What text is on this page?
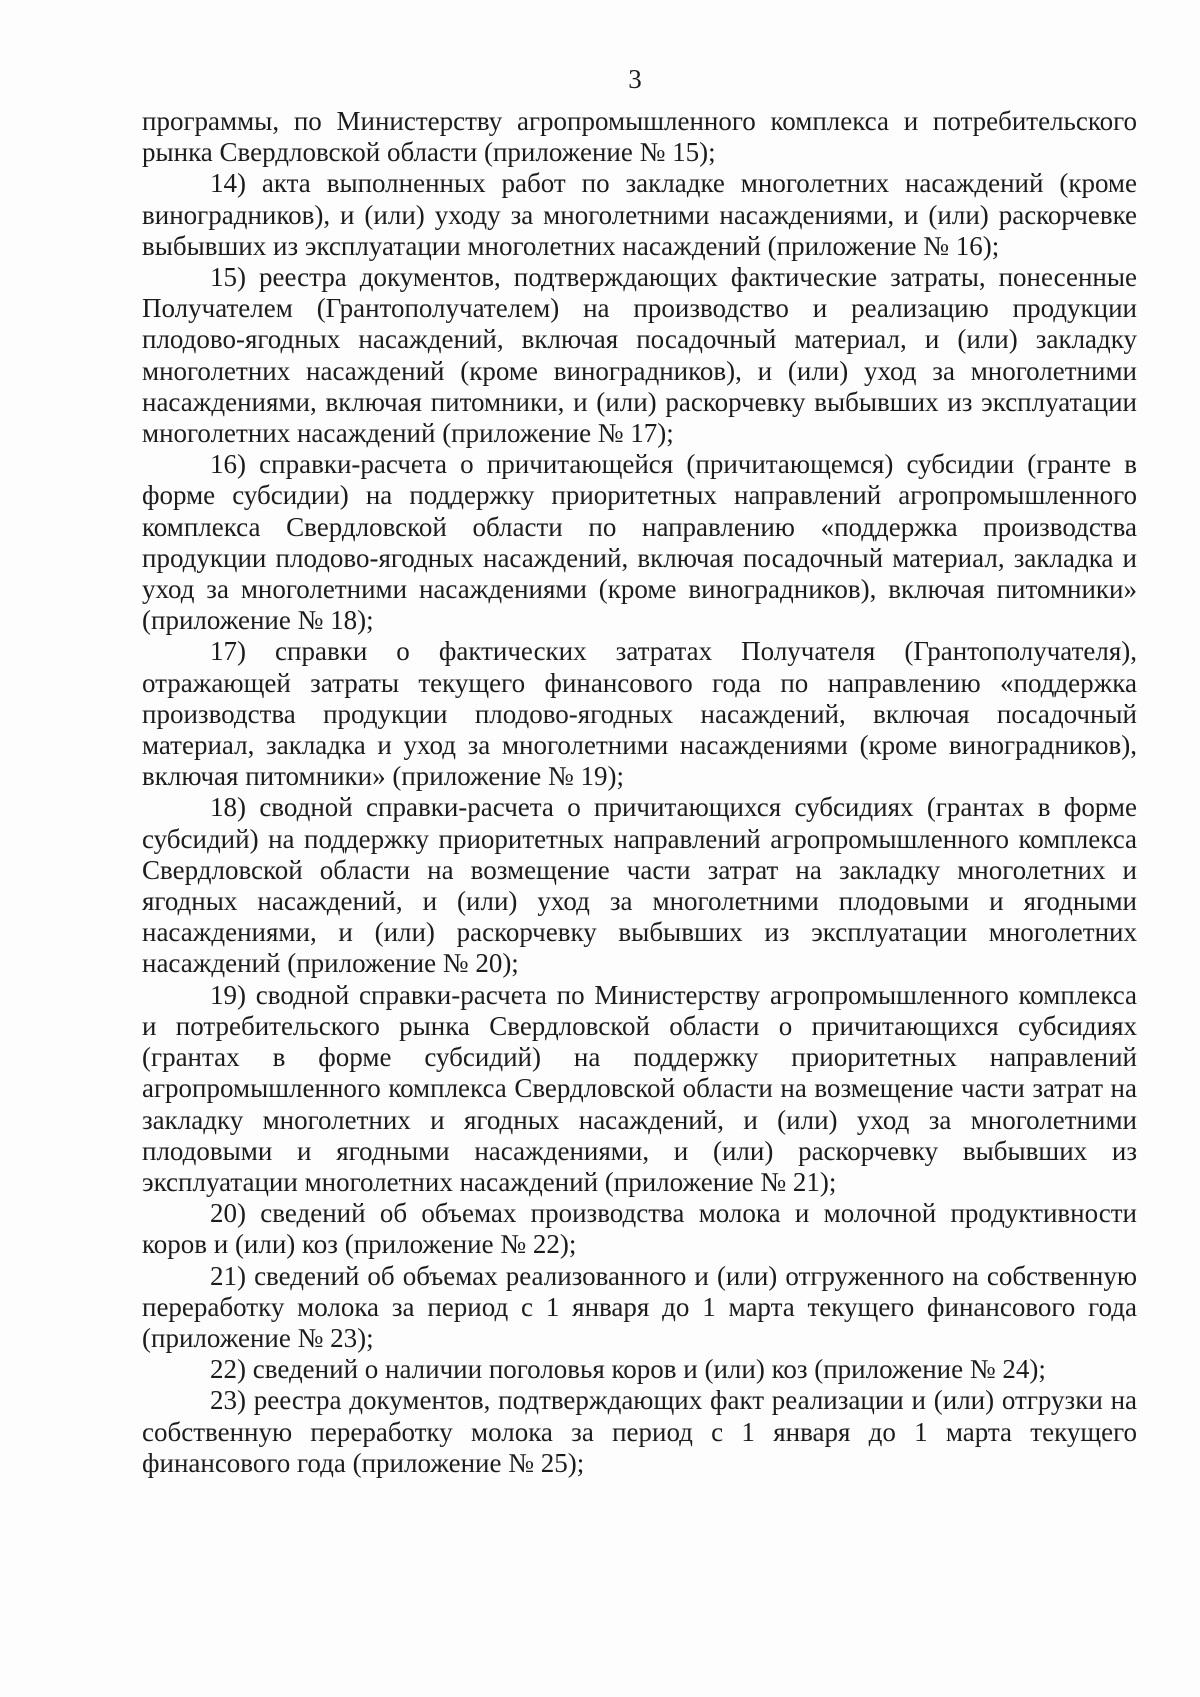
3

программы, по Министерству агропромышленного комплекса и потребительского рынка Свердловской области (приложение № 15);

14) акта выполненных работ по закладке многолетних насаждений (кроме виноградников), и (или) уходу за многолетними насаждениями, и (или) раскорчевке выбывших из эксплуатации многолетних насаждений (приложение № 16);

15) реестра документов, подтверждающих фактические затраты, понесенные Получателем (Грантополучателем) на производство и реализацию продукции плодово-ягодных насаждений, включая посадочный материал, и (или) закладку многолетних насаждений (кроме виноградников), и (или) уход за многолетними насаждениями, включая питомники, и (или) раскорчевку выбывших из эксплуатации многолетних насаждений (приложение № 17);

16) справки-расчета о причитающейся (причитающемся) субсидии (гранте в форме субсидии) на поддержку приоритетных направлений агропромышленного комплекса Свердловской области по направлению «поддержка производства продукции плодово-ягодных насаждений, включая посадочный материал, закладка и уход за многолетними насаждениями (кроме виноградников), включая питомники» (приложение № 18);

17) справки о фактических затратах Получателя (Грантополучателя), отражающей затраты текущего финансового года по направлению «поддержка производства продукции плодово-ягодных насаждений, включая посадочный материал, закладка и уход за многолетними насаждениями (кроме виноградников), включая питомники» (приложение № 19);

18) сводной справки-расчета о причитающихся субсидиях (грантах в форме субсидий) на поддержку приоритетных направлений агропромышленного комплекса Свердловской области на возмещение части затрат на закладку многолетних и ягодных насаждений, и (или) уход за многолетними плодовыми и ягодными насаждениями, и (или) раскорчевку выбывших из эксплуатации многолетних насаждений (приложение № 20);

19) сводной справки-расчета по Министерству агропромышленного комплекса и потребительского рынка Свердловской области о причитающихся субсидиях (грантах в форме субсидий) на поддержку приоритетных направлений агропромышленного комплекса Свердловской области на возмещение части затрат на закладку многолетних и ягодных насаждений, и (или) уход за многолетними плодовыми и ягодными насаждениями, и (или) раскорчевку выбывших из эксплуатации многолетних насаждений (приложение № 21);

20) сведений об объемах производства молока и молочной продуктивности коров и (или) коз (приложение № 22);

21) сведений об объемах реализованного и (или) отгруженного на собственную переработку молока за период с 1 января до 1 марта текущего финансового года (приложение № 23);

22) сведений о наличии поголовья коров и (или) коз (приложение № 24);

23) реестра документов, подтверждающих факт реализации и (или) отгрузки на собственную переработку молока за период с 1 января до 1 марта текущего финансового года (приложение № 25);
